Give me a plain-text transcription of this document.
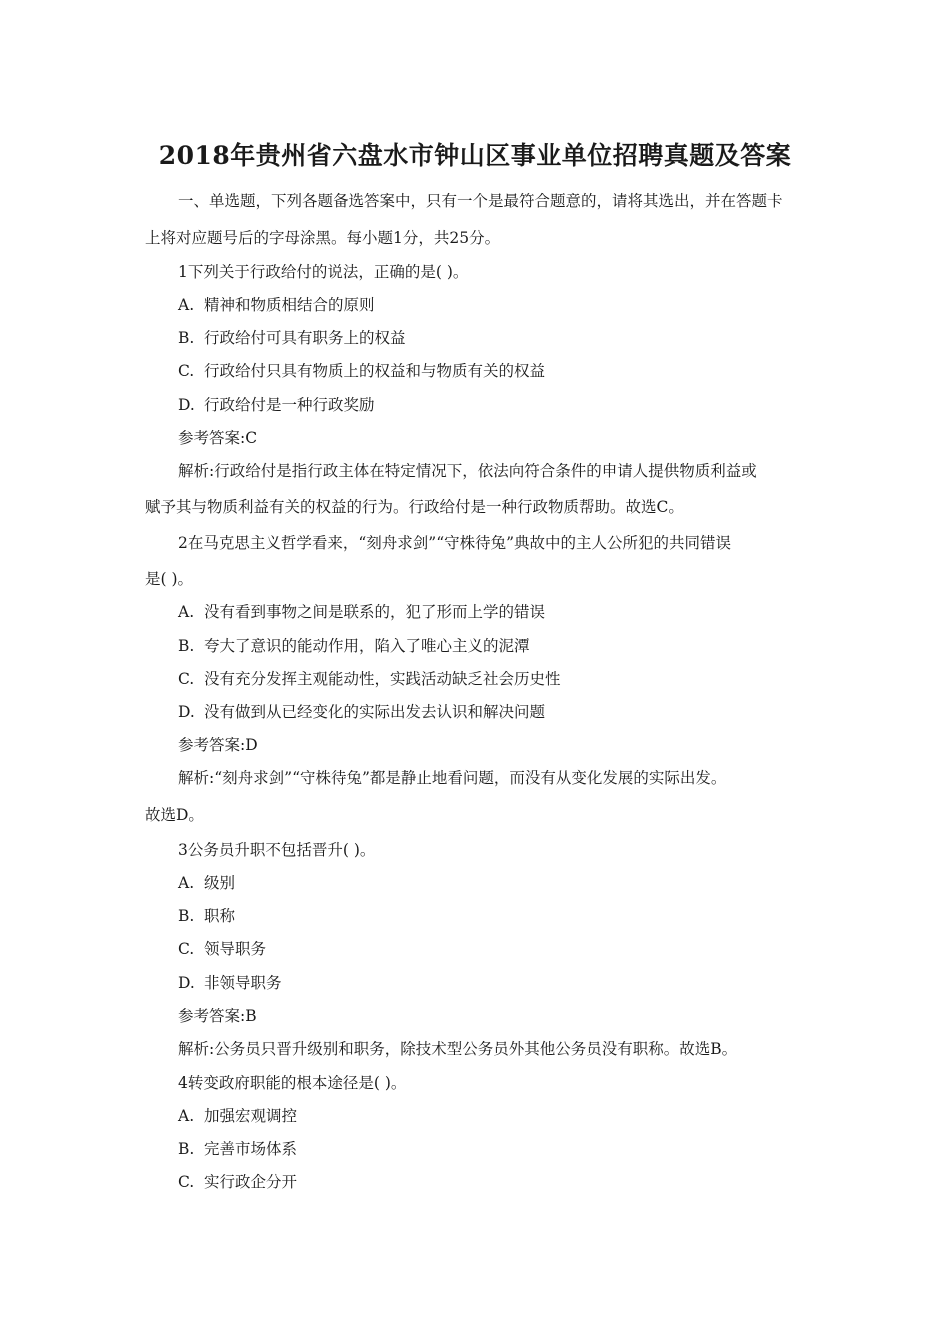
2018年贵州省六盘水市钟山区事业单位招聘真题及答案
一、单选题，下列各题备选答案中，只有一个是最符合题意的，请将其选出，并在答题卡
上将对应题号后的字母涂黑。每小题1分，共25分。
1下列关于行政给付的说法，正确的是( )。
A. 精神和物质相结合的原则
B. 行政给付可具有职务上的权益
C. 行政给付只具有物质上的权益和与物质有关的权益
D. 行政给付是一种行政奖励
参考答案:C
解析:行政给付是指行政主体在特定情况下，依法向符合条件的申请人提供物质利益或
赋予其与物质利益有关的权益的行为。行政给付是一种行政物质帮助。故选C。
2在马克思主义哲学看来，“刻舟求剑”“守株待兔”典故中的主人公所犯的共同错误
是( )。
A. 没有看到事物之间是联系的，犯了形而上学的错误
B. 夸大了意识的能动作用，陷入了唯心主义的泥潭
C. 没有充分发挥主观能动性，实践活动缺乏社会历史性
D. 没有做到从已经变化的实际出发去认识和解决问题
参考答案:D
解析:“刻舟求剑”“守株待兔”都是静止地看问题，而没有从变化发展的实际出发。
故选D。
3公务员升职不包括晋升( )。
A. 级别
B. 职称
C. 领导职务
D. 非领导职务
参考答案:B
解析:公务员只晋升级别和职务，除技术型公务员外其他公务员没有职称。故选B。
4转变政府职能的根本途径是( )。
A. 加强宏观调控
B. 完善市场体系
C. 实行政企分开
